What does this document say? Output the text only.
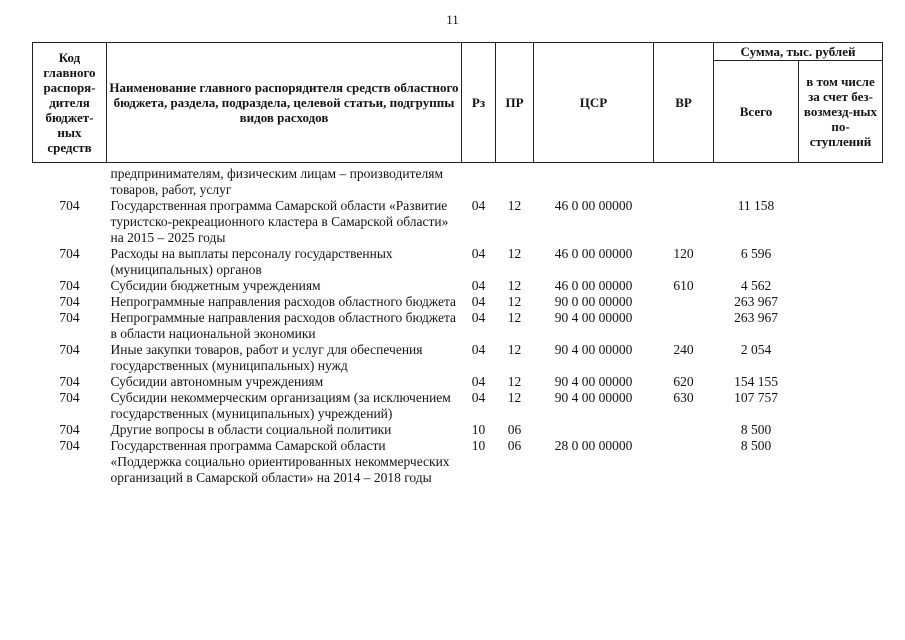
11
Код главного распоря-дителя бюджет-ных средств	Наименование главного распорядителя средств областного бюджета, раздела, подраздела, целевой статьи, подгруппы видов расходов	Рз	ПР	ЦСР	ВР	Сумма, тыс. рублей	
						Всего	в том числе за счет без-возмезд-ных по-ступлений
	предпринимателям, физическим лицам – производителям товаров, работ, услуг						
704	Государственная программа Самарской области «Развитие туристско-рекреационного кластера в Самарской области» на 2015 – 2025 годы	04	12	46 0 00 00000		11 158	
704	Расходы на выплаты персоналу государственных (муниципальных) органов	04	12	46 0 00 00000	120	6 596	
704	Субсидии бюджетным учреждениям	04	12	46 0 00 00000	610	4 562	
704	Непрограммные направления расходов областного бюджета	04	12	90 0 00 00000		263 967	
704	Непрограммные направления расходов областного бюджета в области национальной экономики	04	12	90 4 00 00000		263 967	
704	Иные закупки товаров, работ и услуг для обеспечения государственных (муниципальных) нужд	04	12	90 4 00 00000	240	2 054	
704	Субсидии автономным учреждениям	04	12	90 4 00 00000	620	154 155	
704	Субсидии некоммерческим организациям (за исключением государственных (муниципальных) учреждений)	04	12	90 4 00 00000	630	107 757	
704	Другие вопросы в области социальной политики	10	06			8 500	
704	Государственная программа Самарской области «Поддержка социально ориентированных некоммерческих организаций в Самарской области» на 2014 – 2018 годы	10	06	28 0 00 00000		8 500	
